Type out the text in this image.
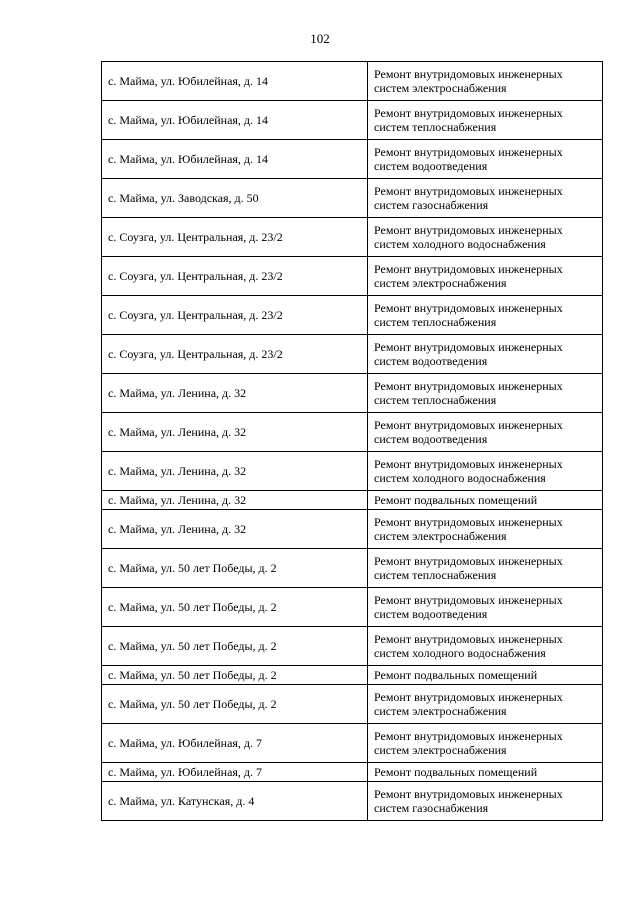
102
с. Майма, ул. Юбилейная, д. 14	Ремонт внутридомовых инженерных систем электроснабжения
с. Майма, ул. Юбилейная, д. 14	Ремонт внутридомовых инженерных систем теплоснабжения
с. Майма, ул. Юбилейная, д. 14	Ремонт внутридомовых инженерных систем водоотведения
с. Майма, ул. Заводская, д. 50	Ремонт внутридомовых инженерных систем газоснабжения
с. Соузга, ул. Центральная, д. 23/2	Ремонт внутридомовых инженерных систем холодного водоснабжения
с. Соузга, ул. Центральная, д. 23/2	Ремонт внутридомовых инженерных систем электроснабжения
с. Соузга, ул. Центральная, д. 23/2	Ремонт внутридомовых инженерных систем теплоснабжения
с. Соузга, ул. Центральная, д. 23/2	Ремонт внутридомовых инженерных систем водоотведения
с. Майма, ул. Ленина, д. 32	Ремонт внутридомовых инженерных систем теплоснабжения
с. Майма, ул. Ленина, д. 32	Ремонт внутридомовых инженерных систем водоотведения
с. Майма, ул. Ленина, д. 32	Ремонт внутридомовых инженерных систем холодного водоснабжения
с. Майма, ул. Ленина, д. 32	Ремонт подвальных помещений
с. Майма, ул. Ленина, д. 32	Ремонт внутридомовых инженерных систем электроснабжения
с. Майма, ул. 50 лет Победы, д. 2	Ремонт внутридомовых инженерных систем теплоснабжения
с. Майма, ул. 50 лет Победы, д. 2	Ремонт внутридомовых инженерных систем водоотведения
с. Майма, ул. 50 лет Победы, д. 2	Ремонт внутридомовых инженерных систем холодного водоснабжения
с. Майма, ул. 50 лет Победы, д. 2	Ремонт подвальных помещений
с. Майма, ул. 50 лет Победы, д. 2	Ремонт внутридомовых инженерных систем электроснабжения
с. Майма, ул. Юбилейная, д. 7	Ремонт внутридомовых инженерных систем электроснабжения
с. Майма, ул. Юбилейная, д. 7	Ремонт подвальных помещений
с. Майма, ул. Катунская, д. 4	Ремонт внутридомовых инженерных систем газоснабжения
